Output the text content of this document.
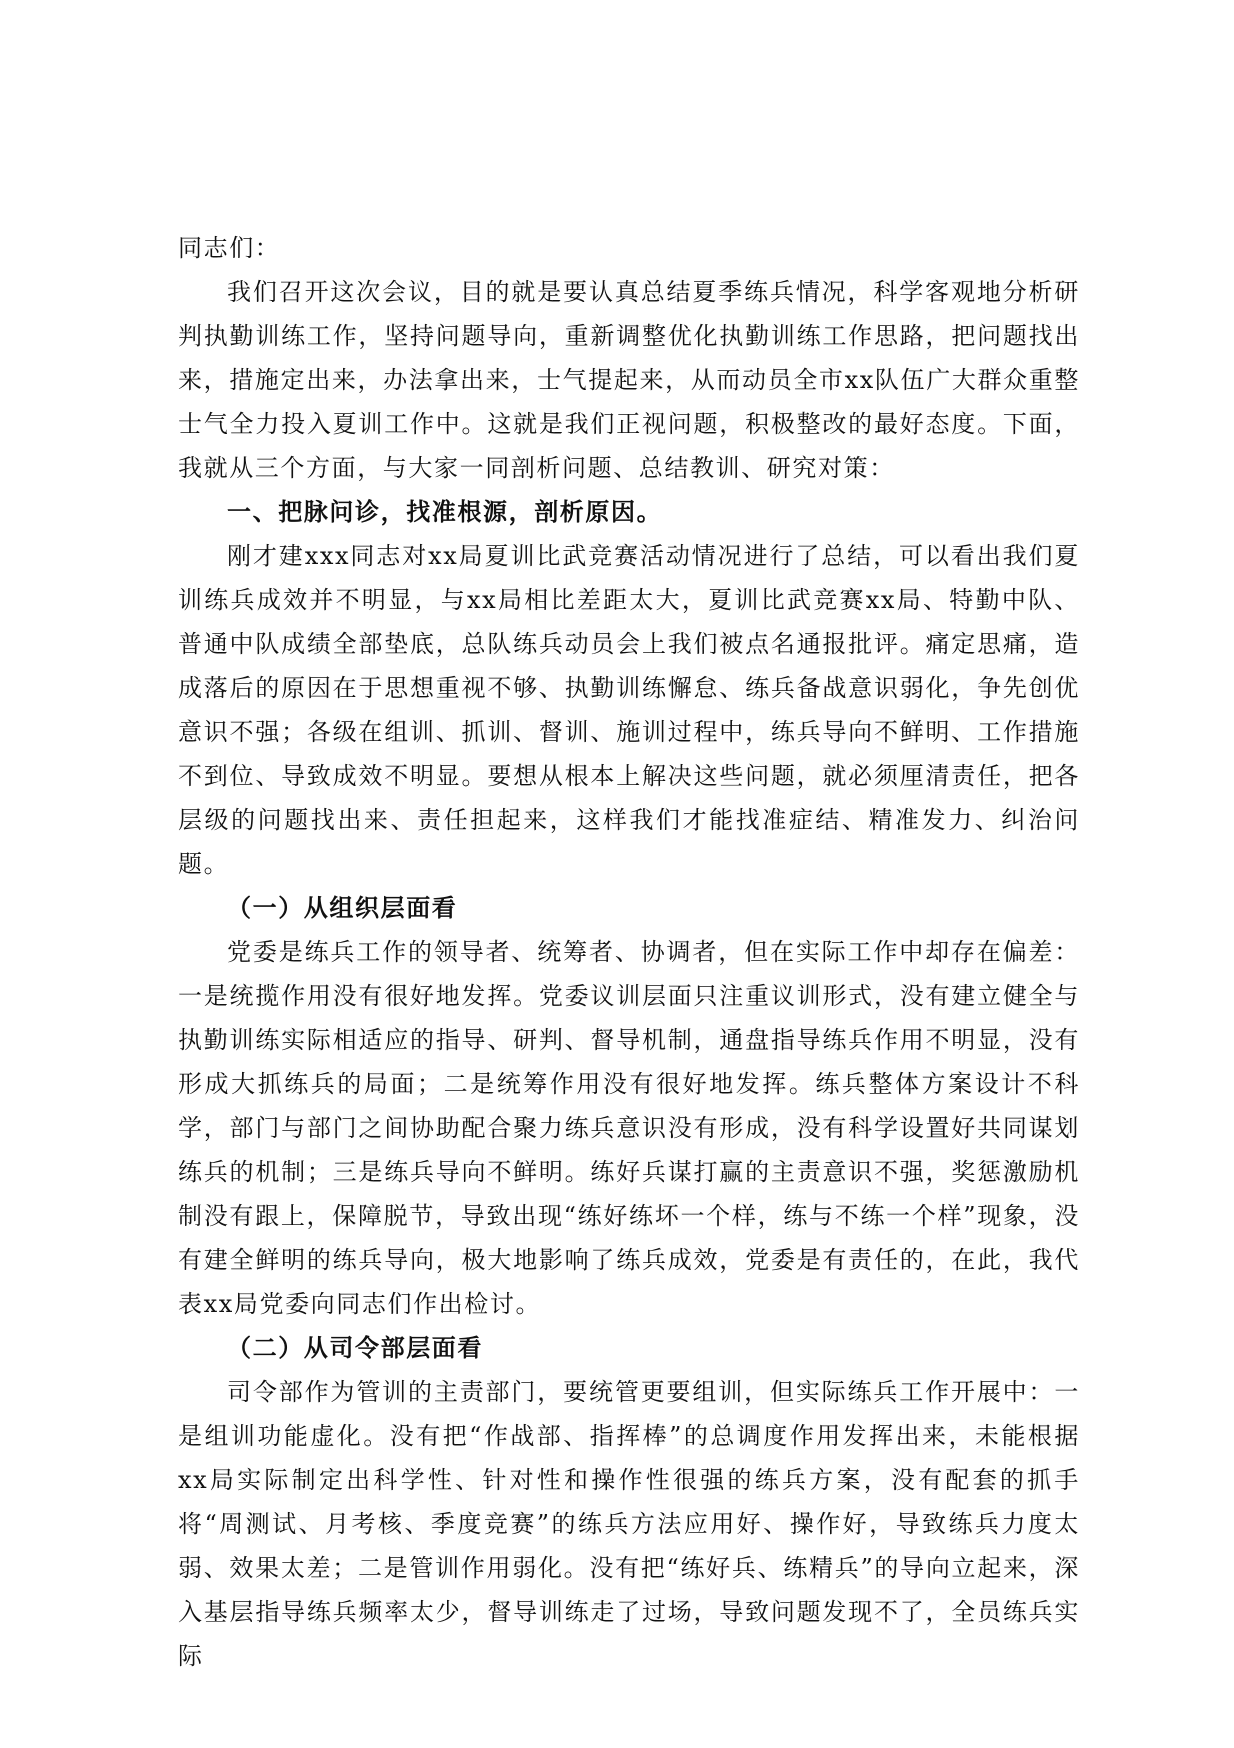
同志们：

我们召开这次会议，目的就是要认真总结夏季练兵情况，科学客观地分析研判执勤训练工作，坚持问题导向，重新调整优化执勤训练工作思路，把问题找出来，措施定出来，办法拿出来，士气提起来，从而动员全市xx队伍广大群众重整士气全力投入夏训工作中。这就是我们正视问题，积极整改的最好态度。下面，我就从三个方面，与大家一同剖析问题、总结教训、研究对策：

一、把脉问诊，找准根源，剖析原因。

刚才建xxx同志对xx局夏训比武竞赛活动情况进行了总结，可以看出我们夏训练兵成效并不明显，与xx局相比差距太大，夏训比武竞赛xx局、特勤中队、普通中队成绩全部垫底，总队练兵动员会上我们被点名通报批评。痛定思痛，造成落后的原因在于思想重视不够、执勤训练懈怠、练兵备战意识弱化，争先创优意识不强；各级在组训、抓训、督训、施训过程中，练兵导向不鲜明、工作措施不到位、导致成效不明显。要想从根本上解决这些问题，就必须厘清责任，把各层级的问题找出来、责任担起来，这样我们才能找准症结、精准发力、纠治问题。

（一）从组织层面看

党委是练兵工作的领导者、统筹者、协调者，但在实际工作中却存在偏差：一是统揽作用没有很好地发挥。党委议训层面只注重议训形式，没有建立健全与执勤训练实际相适应的指导、研判、督导机制，通盘指导练兵作用不明显，没有形成大抓练兵的局面；二是统筹作用没有很好地发挥。练兵整体方案设计不科学，部门与部门之间协助配合聚力练兵意识没有形成，没有科学设置好共同谋划练兵的机制；三是练兵导向不鲜明。练好兵谋打赢的主责意识不强，奖惩激励机制没有跟上，保障脱节，导致出现“练好练坏一个样，练与不练一个样”现象，没有建全鲜明的练兵导向，极大地影响了练兵成效，党委是有责任的，在此，我代表xx局党委向同志们作出检讨。

（二）从司令部层面看

司令部作为管训的主责部门，要统管更要组训，但实际练兵工作开展中：一是组训功能虚化。没有把“作战部、指挥棒”的总调度作用发挥出来，未能根据xx局实际制定出科学性、针对性和操作性很强的练兵方案，没有配套的抓手将“周测试、月考核、季度竞赛”的练兵方法应用好、操作好，导致练兵力度太弱、效果太差；二是管训作用弱化。没有把“练好兵、练精兵”的导向立起来，深入基层指导练兵频率太少，督导训练走了过场，导致问题发现不了，全员练兵实际
